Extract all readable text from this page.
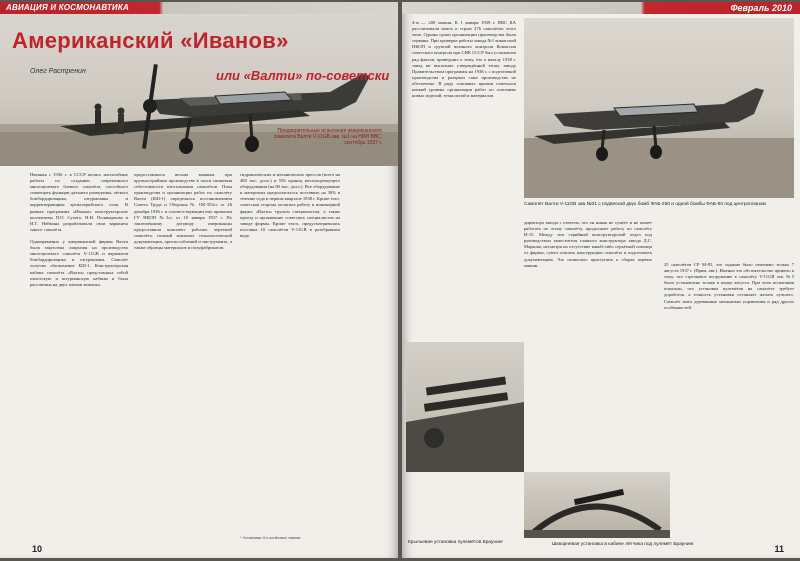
АВИАЦИЯ И КОСМОНАВТИКА
Американский «Иванов»
или «Валти» по-советски
Олег Растренин
Предварительные испытания американского самолёта Валти V-11GB зав. №1 на НИИ ВВС, сентябрь 1937 г.
Начиная с 1936 г. в СССР велись масштабные работы по созданию современного многоцелевого боевого самолёта, способного совмещать функции дальнего разведчика, лёгкого бомбардировщика, штурмовика и корректировщика артиллерийского огня. В рамках программы «Иванов» конструкторские коллективы П.О. Сухого, Н.Н. Поликарпова и И.Г. Неймана разрабатывали свои варианты такого самолёта.

Одновременно у американской фирмы Валти была закуплена лицензия на производство многоцелевого самолёта V-11GB и вариантов бомбардировщика и штурмовика. Самолёт получил обозначение БШ-1. Конструкторская кабина самолёта «Валти» представляла собой пилотскую и штурманскую кабины и была рассчитана на двух членов экипажа.
предоставлялся весьма важным при крупносерийном производстве в части снижения себестоимости изготовления самолётов. План производства и организации работ по самолёту Валти (БШ-1) определялся постановлением Совета Труда и Обороны № ОК-353сс от 26 декабря 1936 г. и соответствующим ему приказом ГУ НКОП №3сс от 10 января 1937 г. По заключённому договору американцы предоставили комплект рабочих чертежей самолёта, полный комплект технологической документации, приспособлений и инструмента, а также образцы материалов и полуфабрикатов.
гидравлических и механических прессов (всего на 480 тыс. долл.) и 556 единиц металлорежущего оборудования (на 80 тыс. долл.). Все оборудование и материалы предполагалось поставить на 30% в течение года и первом квартале 1938 г. Кроме того, советская сторона оплатила работу в инженерной фирме «Валти» группы специалистов, а также проезд и проживание советских специалистов на заводе фирмы. Кроме этого, предусматривалась поставка 10 самолётов V-11GB в разобранном виде.
* Установки II-х колёсных танков
10
Февраль 2010
4-м — 200 машин. К 1 января 1939 г. ВВС КА рассчитывали иметь в строю 276 самолётов этого типа. Однако сроки организации производства были сорваны. При проверке работы завода №1 комиссией НКОП и группой военного контроля Комиссии советского контроля при СНК СССР был установлен ряд фактов, приведших к тому, что к началу 1938 г. завод не выполнил утверждённой этому заводу Правительством программы на 1938 г. с подготовкой производства и разорвал само производство не обеспечено. В ряду основных причин отмечался низкий уровень организации работ по освоению новых изделий, технологий и материалов.
Самолёт Валти V-11GB зав.№31 с подвеской двух бомб ФАБ-250 и одной бомбы ФАБ-50 под центропланом
директора завода с ответом, что он никак не сумеет и не может работать по этому самолёту, продолжает работу по самолёту И-15. Между тем серийный конструкторский отдел под руководством заместителя главного конструктора завода Д.С. Маркова, несмотря на отсутствие какой-либо серьёзной помощи от фирмы, сумел освоить конструкцию самолёта и подготовить документацию. Это позволило приступить к сборке первых машин.	25 самолётов СР М-85, это задание было отменено только 7 августа 1937 г. (Прим. авт.). Именно это обстоятельство привело к тому, что стрелковое вооружение к самолёту V-11GB зав. №5 было установлено только в конце августа. При этом испытания показали, что установка пулемётов на самолёте требует доработок, а точность установки оставляет желать лучшего. Самолёт имел деревянные механизмы управления и ряд других особенностей.
Крыльевая установка пулемётов Браунинг	Шкворневая установка в кабине лётчика под пулемёт Браунинг	11
